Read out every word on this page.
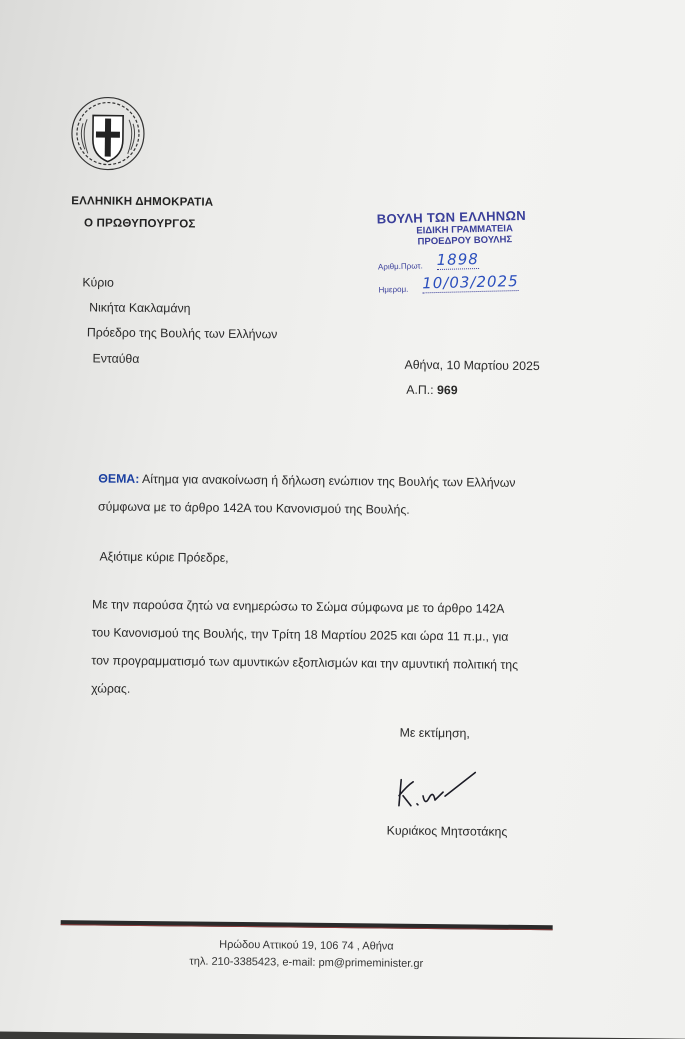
ΕΛΛΗΝΙΚΗ ΔΗΜΟΚΡΑΤΙΑ
Ο ΠΡΩΘΥΠΟΥΡΓΟΣ	ΒΟΥΛΗ ΤΩΝ ΕΛΛΗΝΩΝ
ΕΙΔΙΚΗ ΓΡΑΜΜΑΤΕΙΑ
ΠΡΟΕΔΡΟΥ ΒΟΥΛΗΣ
Αριθμ.Πρωτ. 1898
Ημερομ. 10/03/2025
Κύριο
Νικήτα Κακλαμάνη
Πρόεδρο της Βουλής των Ελλήνων
Ενταύθα	Αθήνα, 10 Μαρτίου 2025
Α.Π.: 969
ΘΕΜΑ: Αίτημα για ανακοίνωση ή δήλωση ενώπιον της Βουλής των Ελλήνων
σύμφωνα με το άρθρο 142Α του Κανονισμού της Βουλής.
Αξιότιμε κύριε Πρόεδρε,
Με την παρούσα ζητώ να ενημερώσω το Σώμα σύμφωνα με το άρθρο 142Α
του Κανονισμού της Βουλής, την Τρίτη 18 Μαρτίου 2025 και ώρα 11 π.μ., για
τον προγραμματισμό των αμυντικών εξοπλισμών και την αμυντική πολιτική της
χώρας.
Με εκτίμηση,
Κυριάκος Μητσοτάκης
Ηρώδου Αττικού 19, 106 74 , Αθήνα
τηλ. 210-3385423, e-mail: pm@primeminister.gr
